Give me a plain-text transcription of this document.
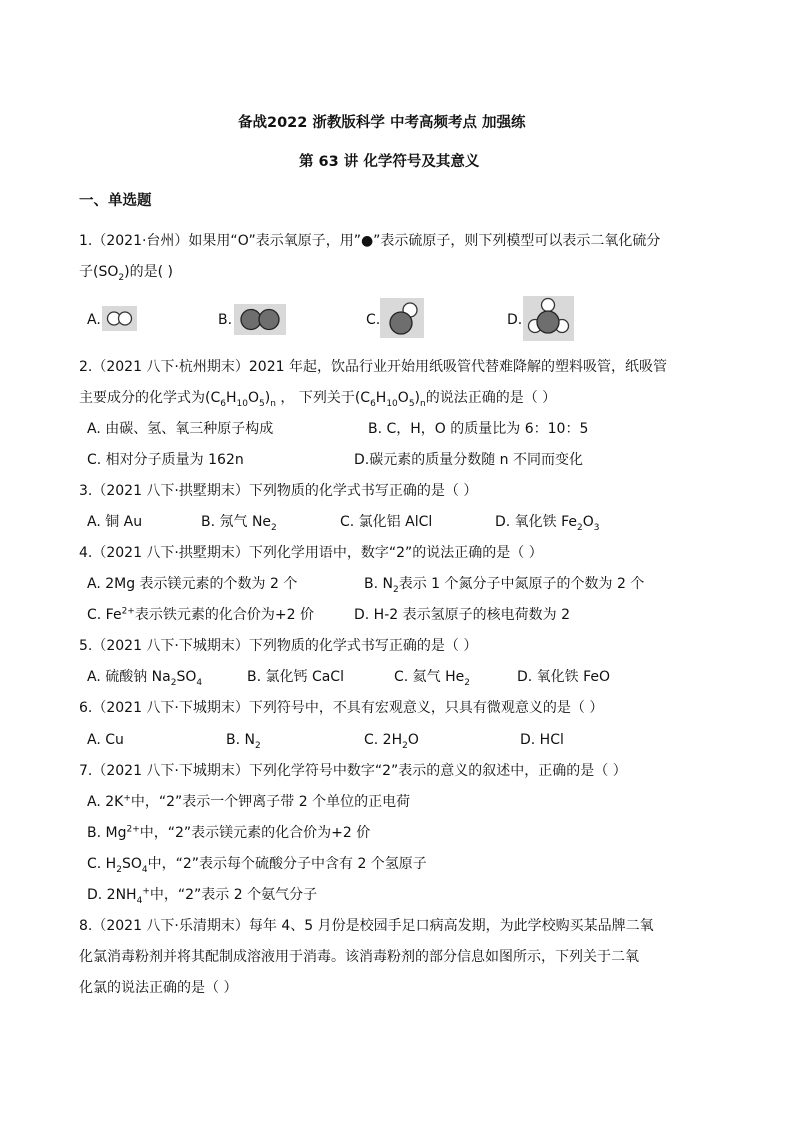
备战2022 浙教版科学 中考高频考点 加强练
第 63 讲 化学符号及其意义
一、单选题
1.（2021·台州）如果用“O”表示氧原子，用”●”表示硫原子，则下列模型可以表示二氧化硫分
子$(SO_2)$的是( )
A.	B.	C.	D.
2.（2021 八下·杭州期末）2021 年起，饮品行业开始用纸吸管代替难降解的塑料吸管，纸吸管
主要成分的化学式为$(C_6H_{10}O_5)_n$ ， 下列关于$(C_6H_{10}O_5)_n$的说法正确的是（ ）
A. 由碳、氢、氧三种原子构成	B. C，H，O 的质量比为 6：10：5
C. 相对分子质量为 162n	D.碳元素的质量分数随 n 不同而变化
3.（2021 八下·拱墅期末）下列物质的化学式书写正确的是（ ）
A. 铜 Au	B. 氖气 $Ne_2$	C. 氯化铝 AlCl	D. 氧化铁 $Fe_2O_3$
4.（2021 八下·拱墅期末）下列化学用语中，数字“2”的说法正确的是（ ）
A. 2Mg 表示镁元素的个数为 2 个	B. $N_2$表示 1 个氮分子中氮原子的个数为 2 个
C. $Fe^{2+}$表示铁元素的化合价为+2 价	D. H-2 表示氢原子的核电荷数为 2
5.（2021 八下·下城期末）下列物质的化学式书写正确的是（ ）
A. 硫酸钠 $Na_2SO_4$	B. 氯化钙 CaCl	C. 氦气 $He_2$	D. 氧化铁 FeO
6.（2021 八下·下城期末）下列符号中，不具有宏观意义，只具有微观意义的是（ ）
A. Cu	B. $N_2$	C. $2H_2O$	D. HCl
7.（2021 八下·下城期末）下列化学符号中数字“2”表示的意义的叙述中，正确的是（ ）
A. 2K+中，“2”表示一个钾离子带 2 个单位的正电荷
B. $Mg^{2+}$中，“2”表示镁元素的化合价为+2 价
C. $H_2SO_4$中，“2”表示每个硫酸分子中含有 2 个氢原子
D. $2NH_4^+$中，“2”表示 2 个氨气分子
8.（2021 八下·乐清期末）每年 4、5 月份是校园手足口病高发期，为此学校购买某品牌二氧
化氯消毒粉剂并将其配制成溶液用于消毒。该消毒粉剂的部分信息如图所示，下列关于二氧
化氯的说法正确的是（ ）
